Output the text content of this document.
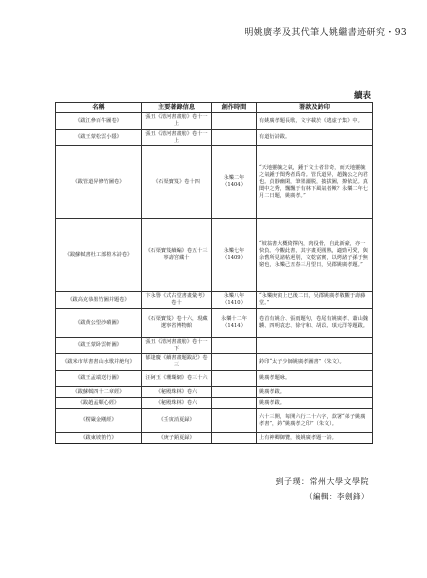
明姚廣孝及其代筆人姚繼書迹研究・93
續表
名稱	主要著錄信息	創作時間	署款及鈐印
《跋江參百牛圖卷》	張丑《清河書畫舫》卷十一上		有姚廣孝題長歌，文字載於《逃虚子集》中。
《跋王蒙松雲小隱》	張丑《清河書畫舫》卷十一上		有道衍詩跋。
《跋管道昇修竹圖卷》	《石渠寶笈》卷十四	永樂二年（1404）	“天地靈毓之氣，鍾于文士者非奇，而天地靈毓之氣鍾于閨秀者爲奇。管氏道昇，趙魏公之內君也。貞靜幽閑，筆墨灑脱，披拔圖，撩依記。真閨中之秀，飄飄于有林下風氣者歟？永樂二年七月二日題，姚廣孝。”
《跋蘇軾書杜工部榿木詩卷》	《石渠寶笈續編》卷五十三寧壽宮藏十	永樂七年（1409）	“坡翁書大概倚擇內，肉役骨，自此新豪，亦一快負。今觀此書，其字畫更圓熟，適勁可愛，與余舊所見諸帖迥別，文乾富實，以烤諸子孫于無窮也，永樂己丑春三月望日，吴郡姚廣孝題。”
《跋高克恭墨竹圖并題卷》	卞永譽《式古堂書畫彙考》卷十	永樂八年（1410）	“永樂庚寅上巳後二日，吴郡姚廣孝敬觀于壽藤堂。”
《跋黄公望沙磧圖》	《石渠寶笈》卷十六，現藏遼寧省博物館	永樂十二年（1414）	卷首有姚合、張雨題句，卷尾有姚廣孝、蕭山魏驥、四明袁忠、徐守和、胡苡、瑱元洋等題跋。
《跋王蒙卧雲軒圖》	張丑《清河書畫舫》卷十一下		
《跋米市草書書山水歌并絶句》	郁逢慶《續書畫題跋記》卷三		鈐印“太子少師姚廣孝圖書”（朱文）。
《跋王孟端送行圖》	汪砢玉《珊瑚網》卷三十六		姚廣孝題咏。
《跋蘇軾四十二章經》	《秘殿珠林》卷六		姚廣孝跋。
《跋趙孟頫心經》	《秘殿珠林》卷六		姚廣孝跋。
《楞嚴金剛經》	《壬寅消夏録》		六十三開，每開六行二十六字，款署“弟子姚廣孝書”，鈐“姚廣孝之印”（朱文）。
《跋東坡笛竹》	《庚子銷夏録》		上有神卿御覽，後姚廣孝題一詩。
到子璞：常州大學文學院
（編輯：李劍鋒）
